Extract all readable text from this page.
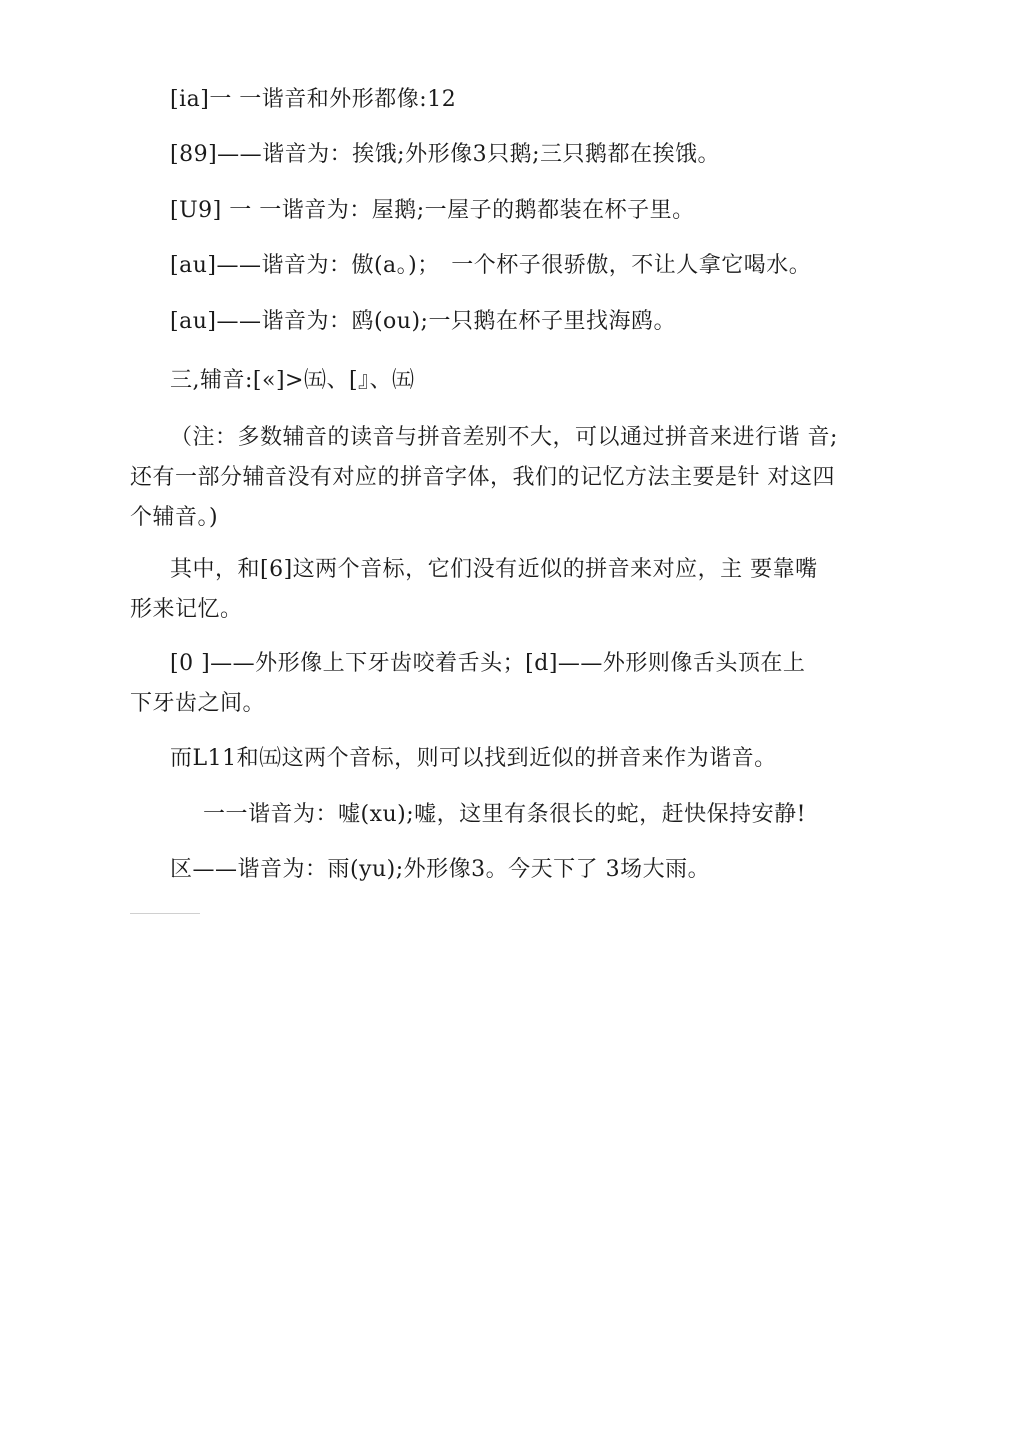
[ia]一 一谐音和外形都像:12
[89]——谐音为：挨饿;外形像3只鹅;三只鹅都在挨饿。
[U9] 一 一谐音为：屋鹅;一屋子的鹅都装在杯子里。
[au]——谐音为：傲(a。)；　一个杯子很骄傲，不让人拿它喝水。
[au]——谐音为：鸥(ou);一只鹅在杯子里找海鸥。
三,辅音:[«]>㈤、[』、㈤
（注：多数辅音的读音与拼音差别不大，可以通过拼音来进行谐 音;
还有一部分辅音没有对应的拼音字体，我们的记忆方法主要是针 对这四
个辅音。)
其中，和[6]这两个音标，它们没有近似的拼音来对应，主 要靠嘴
形来记忆。
[0 ]——外形像上下牙齿咬着舌头；[d]——外形则像舌头顶在上
下牙齿之间。
而L11和㈤这两个音标，则可以找到近似的拼音来作为谐音。
一一谐音为：嘘(xu);嘘，这里有条很长的蛇，赶快保持安静!
区——谐音为：雨(yu);外形像3。今天下了 3场大雨。
